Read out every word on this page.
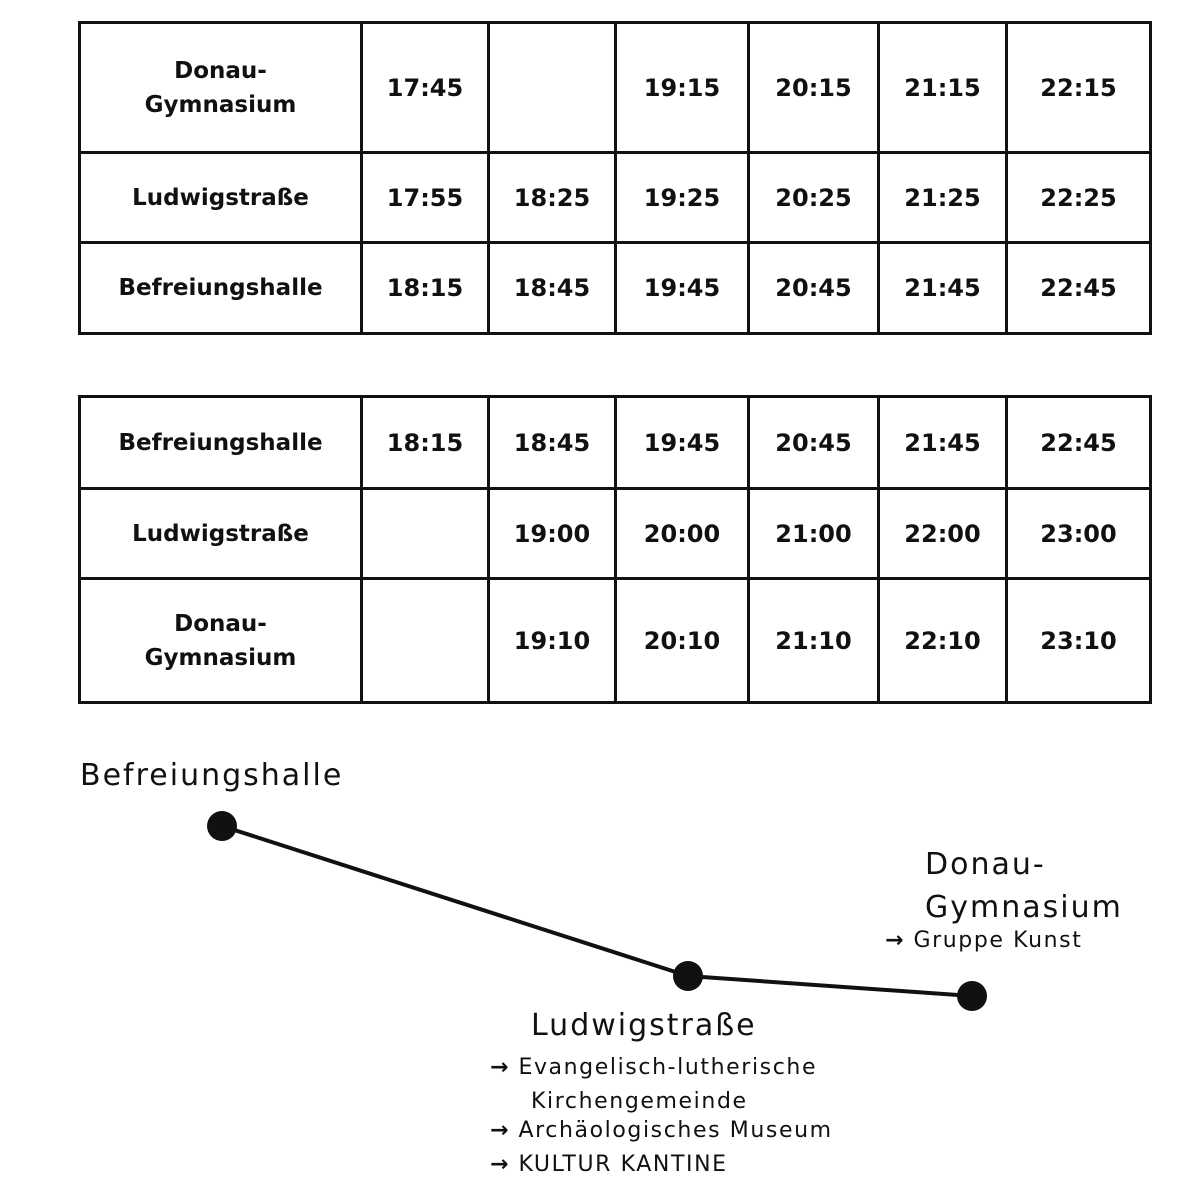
Donau-
Gymnasium	17:45		19:15	20:15	21:15	22:15
Ludwigstraße	17:55	18:25	19:25	20:25	21:25	22:25
Befreiungshalle	18:15	18:45	19:45	20:45	21:45	22:45
Befreiungshalle	18:15	18:45	19:45	20:45	21:45	22:45
Ludwigstraße		19:00	20:00	21:00	22:00	23:00
Donau-
Gymnasium		19:10	20:10	21:10	22:10	23:10
Befreiungshalle
Donau-
Gymnasium
→ Gruppe Kunst
Ludwigstraße
→ Evangelisch-lutherische
Kirchengemeinde
→ Archäologisches Museum
→ KULTUR KANTINE
